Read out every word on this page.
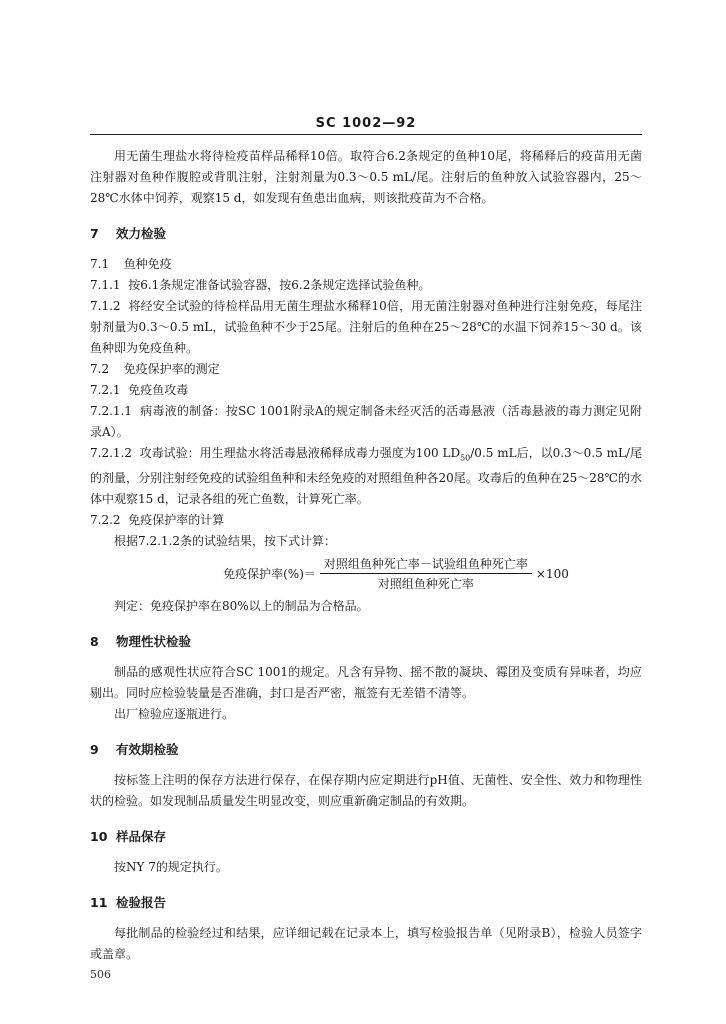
SC 1002—92

用无菌生理盐水将待检疫苗样品稀释10倍。取符合6.2条规定的鱼种10尾，将稀释后的疫苗用无菌注射器对鱼种作腹腔或背肌注射，注射剂量为0.3～0.5 mL/尾。注射后的鱼种放入试验容器内，25～28℃水体中饲养，观察15 d，如发现有鱼患出血病，则该批疫苗为不合格。

7 效力检验

7.1 鱼种免疫

7.1.1 按6.1条规定准备试验容器，按6.2条规定选择试验鱼种。

7.1.2 将经安全试验的待检样品用无菌生理盐水稀释10倍，用无菌注射器对鱼种进行注射免疫，每尾注射剂量为0.3～0.5 mL，试验鱼种不少于25尾。注射后的鱼种在25～28℃的水温下饲养15～30 d。该鱼种即为免疫鱼种。

7.2 免疫保护率的测定

7.2.1 免疫鱼攻毒

7.2.1.1 病毒液的制备：按SC 1001附录A的规定制备未经灭活的活毒悬液（活毒悬液的毒力测定见附录A）。

7.2.1.2 攻毒试验：用生理盐水将活毒悬液稀释成毒力强度为100 $LD_{50}/0.5$ mL后，以0.3～0.5 mL/尾的剂量，分别注射经免疫的试验组鱼种和未经免疫的对照组鱼种各20尾。攻毒后的鱼种在25～28℃的水体中观察15 d，记录各组的死亡鱼数，计算死亡率。

7.2.2 免疫保护率的计算

根据7.2.1.2条的试验结果，按下式计算：

免疫保护率(%)＝ $\frac{\text{对照组鱼种死亡率－试验组鱼种死亡率}}{\text{对照组鱼种死亡率}} \times 100$

判定：免疫保护率在80%以上的制品为合格品。

8 物理性状检验

制品的感观性状应符合SC 1001的规定。凡含有异物、摇不散的凝块、霉团及变质有异味者，均应剔出。同时应检验装量是否准确，封口是否严密，瓶签有无差错不清等。

出厂检验应逐瓶进行。

9 有效期检验

按标签上注明的保存方法进行保存，在保存期内应定期进行pH值、无菌性、安全性、效力和物理性状的检验。如发现制品质量发生明显改变，则应重新确定制品的有效期。

10 样品保存

按NY 7的规定执行。

11 检验报告

每批制品的检验经过和结果，应详细记载在记录本上，填写检验报告单（见附录B），检验人员签字或盖章。

506
